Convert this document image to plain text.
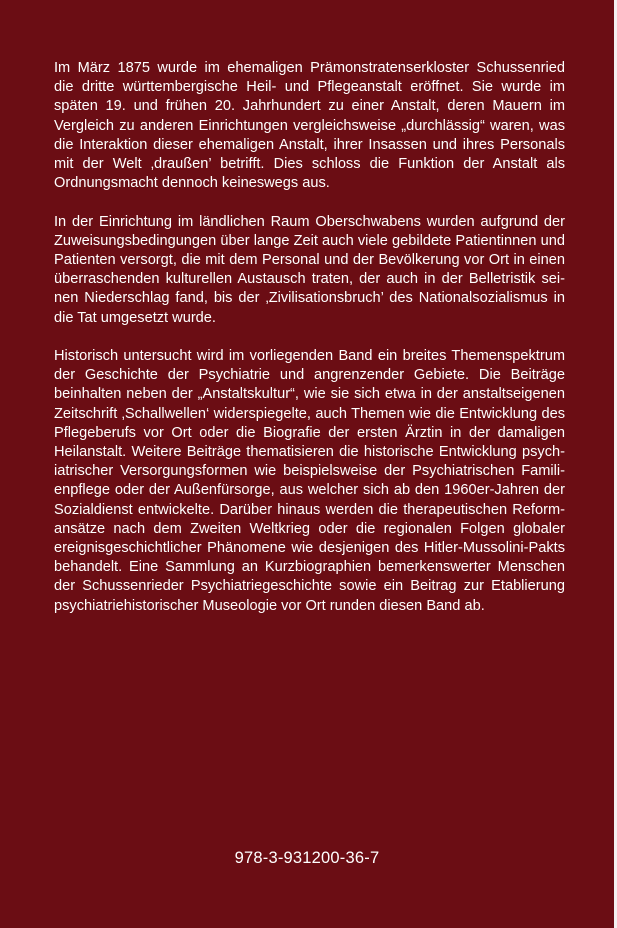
Im März 1875 wurde im ehemaligen Prämonstratenserkloster Schussenried die dritte württembergische Heil- und Pflegeanstalt eröffnet. Sie wurde im späten 19. und frühen 20. Jahrhundert zu einer Anstalt, deren Mauern im Vergleich zu anderen Einrichtungen vergleichsweise „durchlässig“ waren, was die Interaktion dieser ehemaligen Anstalt, ihrer Insassen und ihres Personals mit der Welt ‚draußen’ betrifft. Dies schloss die Funktion der Anstalt als Ordnungsmacht dennoch keineswegs aus.

In der Einrichtung im ländlichen Raum Oberschwabens wurden aufgrund der Zuweisungsbedingungen über lange Zeit auch viele gebildete Patientinnen und Patienten versorgt, die mit dem Personal und der Bevölkerung vor Ort in einen überraschenden kulturellen Austausch traten, der auch in der Belletristik seinen Niederschlag fand, bis der ‚Zivilisationsbruch’ des Nationalsozialismus in die Tat umgesetzt wurde.

Historisch untersucht wird im vorliegenden Band ein breites Themenspektrum der Geschichte der Psychiatrie und angrenzender Gebiete. Die Beiträge beinhalten neben der „Anstaltskultur“, wie sie sich etwa in der anstaltseigenen Zeitschrift ‚Schallwellen‘ widerspiegelte, auch Themen wie die Entwicklung des Pflegeberufs vor Ort oder die Biografie der ersten Ärztin in der damaligen Heilanstalt. Weitere Beiträge thematisieren die historische Entwicklung psychiatrischer Versorgungsformen wie beispielsweise der Psychiatrischen Familienpflege oder der Außenfürsorge, aus welcher sich ab den 1960er-Jahren der Sozialdienst entwickelte. Darüber hinaus werden die therapeutischen Reformansätze nach dem Zweiten Weltkrieg oder die regionalen Folgen globaler ereignisgeschichtlicher Phänomene wie desjenigen des Hitler-Mussolini-Pakts behandelt. Eine Sammlung an Kurzbiographien bemerkenswerter Menschen der Schussenrieder Psychiatriegeschichte sowie ein Beitrag zur Etablierung psychiatriehistorischer Museologie vor Ort runden diesen Band ab.

978-3-931200-36-7
